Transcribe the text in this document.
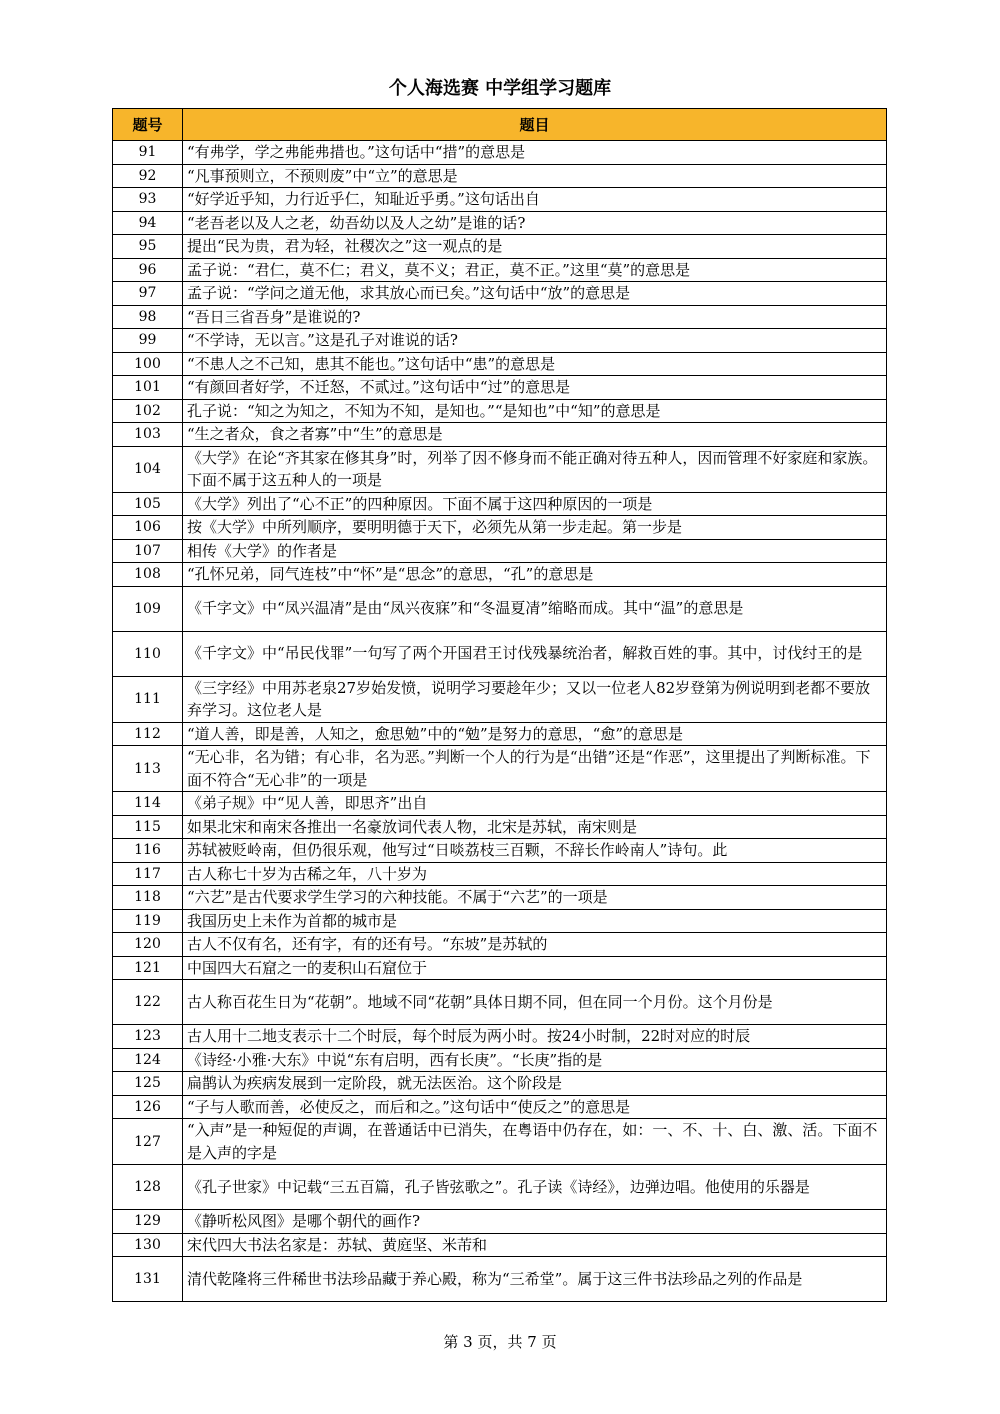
个人海选赛 中学组学习题库
题号	题目
91	“有弗学，学之弗能弗措也。”这句话中“措”的意思是
92	“凡事预则立，不预则废”中“立”的意思是
93	“好学近乎知，力行近乎仁，知耻近乎勇。”这句话出自
94	“老吾老以及人之老，幼吾幼以及人之幼”是谁的话?
95	提出“民为贵，君为轻，社稷次之”这一观点的是
96	孟子说：“君仁，莫不仁；君义，莫不义；君正，莫不正。”这里“莫”的意思是
97	孟子说：“学问之道无他，求其放心而已矣。”这句话中“放”的意思是
98	“吾日三省吾身”是谁说的?
99	“不学诗，无以言。”这是孔子对谁说的话?
100	“不患人之不己知，患其不能也。”这句话中“患”的意思是
101	“有颜回者好学，不迁怒，不贰过。”这句话中“过”的意思是
102	孔子说：“知之为知之，不知为不知，是知也。”“是知也”中“知”的意思是
103	“生之者众，食之者寡”中“生”的意思是
104	《大学》在论“齐其家在修其身”时，列举了因不修身而不能正确对待五种人，因而管理不好家庭和家族。下面不属于这五种人的一项是
105	《大学》列出了“心不正”的四种原因。下面不属于这四种原因的一项是
106	按《大学》中所列顺序，要明明德于天下，必须先从第一步走起。第一步是
107	相传《大学》的作者是
108	“孔怀兄弟，同气连枝”中“怀”是“思念”的意思，“孔”的意思是
109	《千字文》中“凤兴温凊”是由“凤兴夜寐”和“冬温夏凊”缩略而成。其中“温”的意思是
110	《千字文》中“吊民伐罪”一句写了两个开国君王讨伐残暴统治者，解救百姓的事。其中，讨伐纣王的是
111	《三字经》中用苏老泉27岁始发愤，说明学习要趁年少；又以一位老人82岁登第为例说明到老都不要放弃学习。这位老人是
112	“道人善，即是善，人知之，愈思勉”中的“勉”是努力的意思，“愈”的意思是
113	“无心非，名为错；有心非，名为恶。”判断一个人的行为是“出错”还是“作恶”，这里提出了判断标准。下面不符合“无心非”的一项是
114	《弟子规》中“见人善，即思齐”出自
115	如果北宋和南宋各推出一名豪放词代表人物，北宋是苏轼，南宋则是
116	苏轼被贬岭南，但仍很乐观，他写过“日啖荔枝三百颗，不辞长作岭南人”诗句。此
117	古人称七十岁为古稀之年，八十岁为
118	“六艺”是古代要求学生学习的六种技能。不属于“六艺”的一项是
119	我国历史上未作为首都的城市是
120	古人不仅有名，还有字，有的还有号。“东坡”是苏轼的
121	中国四大石窟之一的麦积山石窟位于
122	古人称百花生日为“花朝”。地域不同“花朝”具体日期不同，但在同一个月份。这个月份是
123	古人用十二地支表示十二个时辰，每个时辰为两小时。按24小时制，22时对应的时辰
124	《诗经·小雅·大东》中说“东有启明，西有长庚”。“长庚”指的是
125	扁鹊认为疾病发展到一定阶段，就无法医治。这个阶段是
126	“子与人歌而善，必使反之，而后和之。”这句话中“使反之”的意思是
127	“入声”是一种短促的声调，在普通话中已消失，在粤语中仍存在，如：一、不、十、白、激、活。下面不是入声的字是
128	《孔子世家》中记载“三五百篇，孔子皆弦歌之”。孔子读《诗经》，边弹边唱。他使用的乐器是
129	《静听松风图》是哪个朝代的画作?
130	宋代四大书法名家是：苏轼、黄庭坚、米芾和
131	清代乾隆将三件稀世书法珍品藏于养心殿，称为“三希堂”。属于这三件书法珍品之列的作品是
第 3 页，共 7 页
